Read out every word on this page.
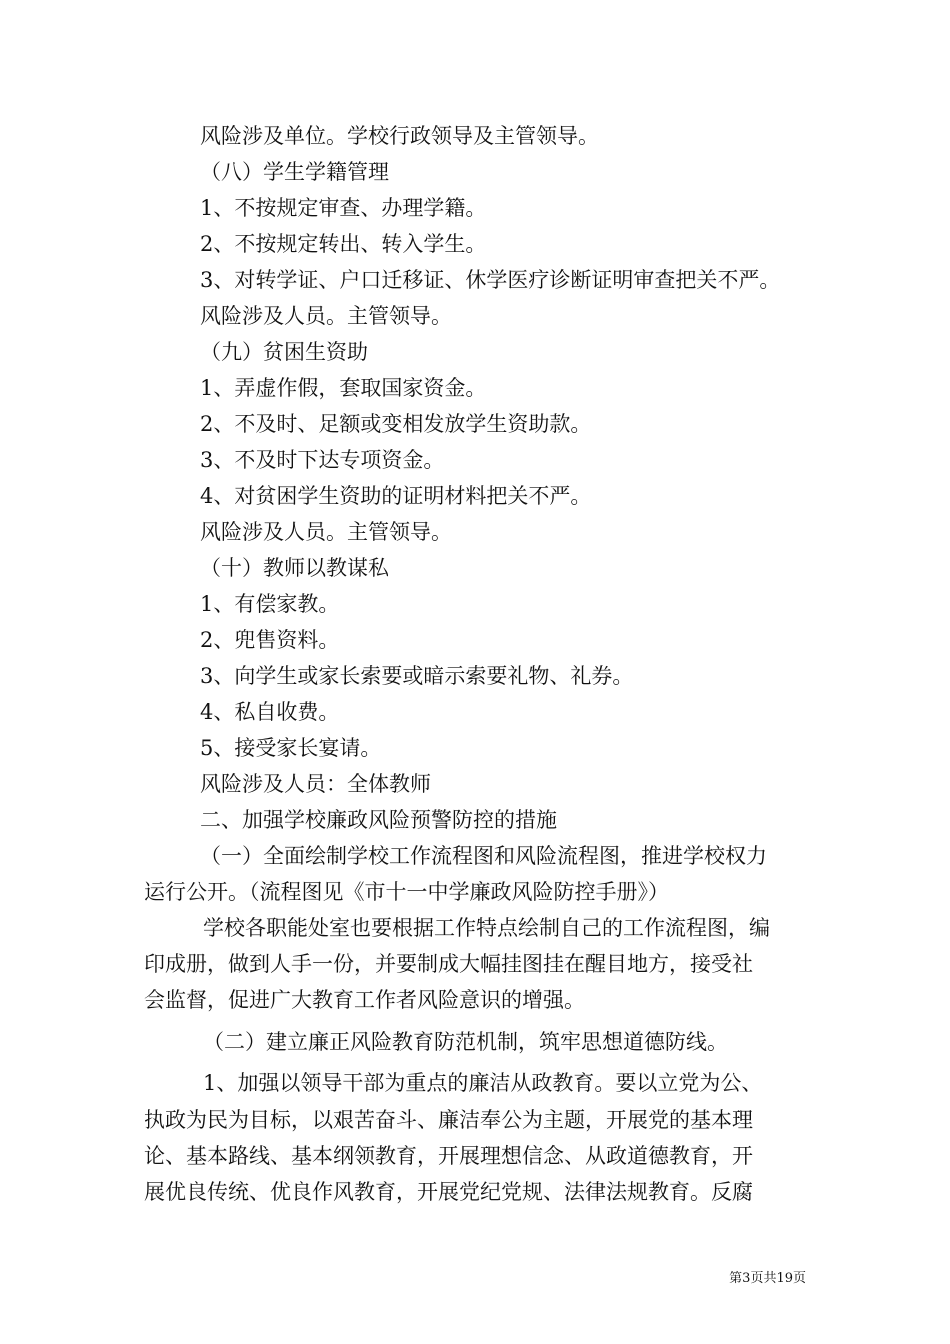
风险涉及单位。学校行政领导及主管领导。
（八）学生学籍管理
1、不按规定审查、办理学籍。
2、不按规定转出、转入学生。
3、对转学证、户口迁移证、休学医疗诊断证明审查把关不严。
风险涉及人员。主管领导。
（九）贫困生资助
1、弄虚作假，套取国家资金。
2、不及时、足额或变相发放学生资助款。
3、不及时下达专项资金。
4、对贫困学生资助的证明材料把关不严。
风险涉及人员。主管领导。
（十）教师以教谋私
1、有偿家教。
2、兜售资料。
3、向学生或家长索要或暗示索要礼物、礼券。
4、私自收费。
5、接受家长宴请。
风险涉及人员：全体教师
二、加强学校廉政风险预警防控的措施
（一）全面绘制学校工作流程图和风险流程图，推进学校权力
运行公开。（流程图见《市十一中学廉政风险防控手册》）
学校各职能处室也要根据工作特点绘制自己的工作流程图，编
印成册，做到人手一份，并要制成大幅挂图挂在醒目地方，接受社
会监督，促进广大教育工作者风险意识的增强。
（二）建立廉正风险教育防范机制，筑牢思想道德防线。
1、加强以领导干部为重点的廉洁从政教育。要以立党为公、
执政为民为目标，以艰苦奋斗、廉洁奉公为主题，开展党的基本理
论、基本路线、基本纲领教育，开展理想信念、从政道德教育，开
展优良传统、优良作风教育，开展党纪党规、法律法规教育。反腐
第3页共19页
